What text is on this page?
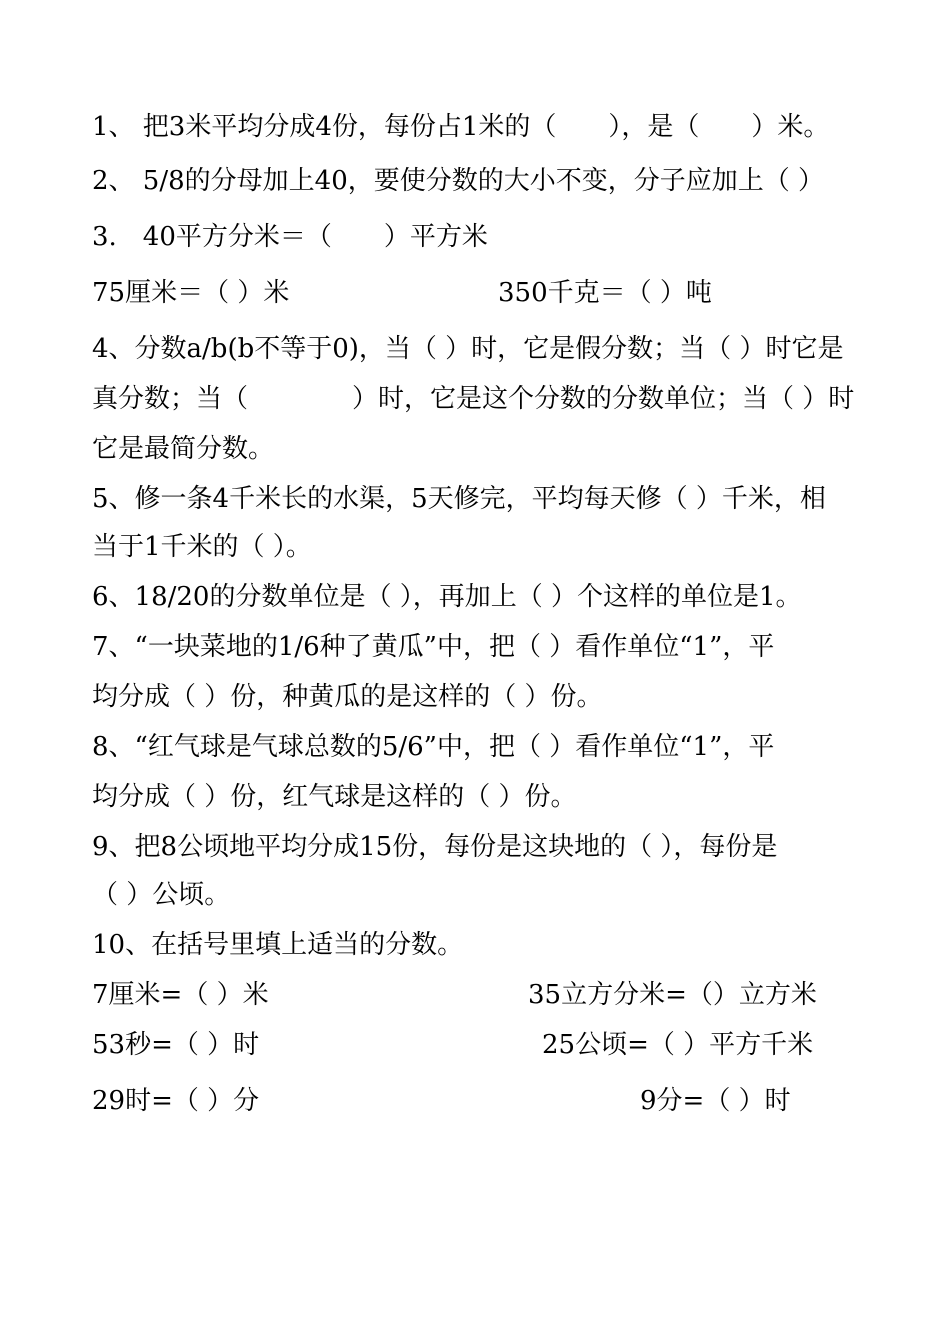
1、 把3米平均分成4份，每份占1米的（　　），是（　　）米。
2、 5/8的分母加上40，要使分数的大小不变，分子应加上（ ）
3.　40平方分米＝（　　）平方米
75厘米＝（ ）米	350千克＝（ ）吨
4、分数a/b(b不等于0)，当（ ）时，它是假分数；当（ ）时它是
真分数；当（　　　　）时，它是这个分数的分数单位；当（ ）时
它是最简分数。
5、修一条4千米长的水渠，5天修完，平均每天修（ ）千米，相
当于1千米的（ ）。
6、18/20的分数单位是（ ），再加上（ ）个这样的单位是1。
7、“一块菜地的1/6种了黄瓜”中，把（ ）看作单位“1”，平
均分成（ ）份，种黄瓜的是这样的（ ）份。
8、“红气球是气球总数的5/6”中，把（ ）看作单位“1”，平
均分成（ ）份，红气球是这样的（ ）份。
9、把8公顷地平均分成15份，每份是这块地的（ ），每份是
（ ）公顷。
10、在括号里填上适当的分数。
7厘米=（ ）米	35立方分米=（）立方米
53秒=（ ）时	25公顷=（ ）平方千米
29时=（ ）分	9分=（ ）时
